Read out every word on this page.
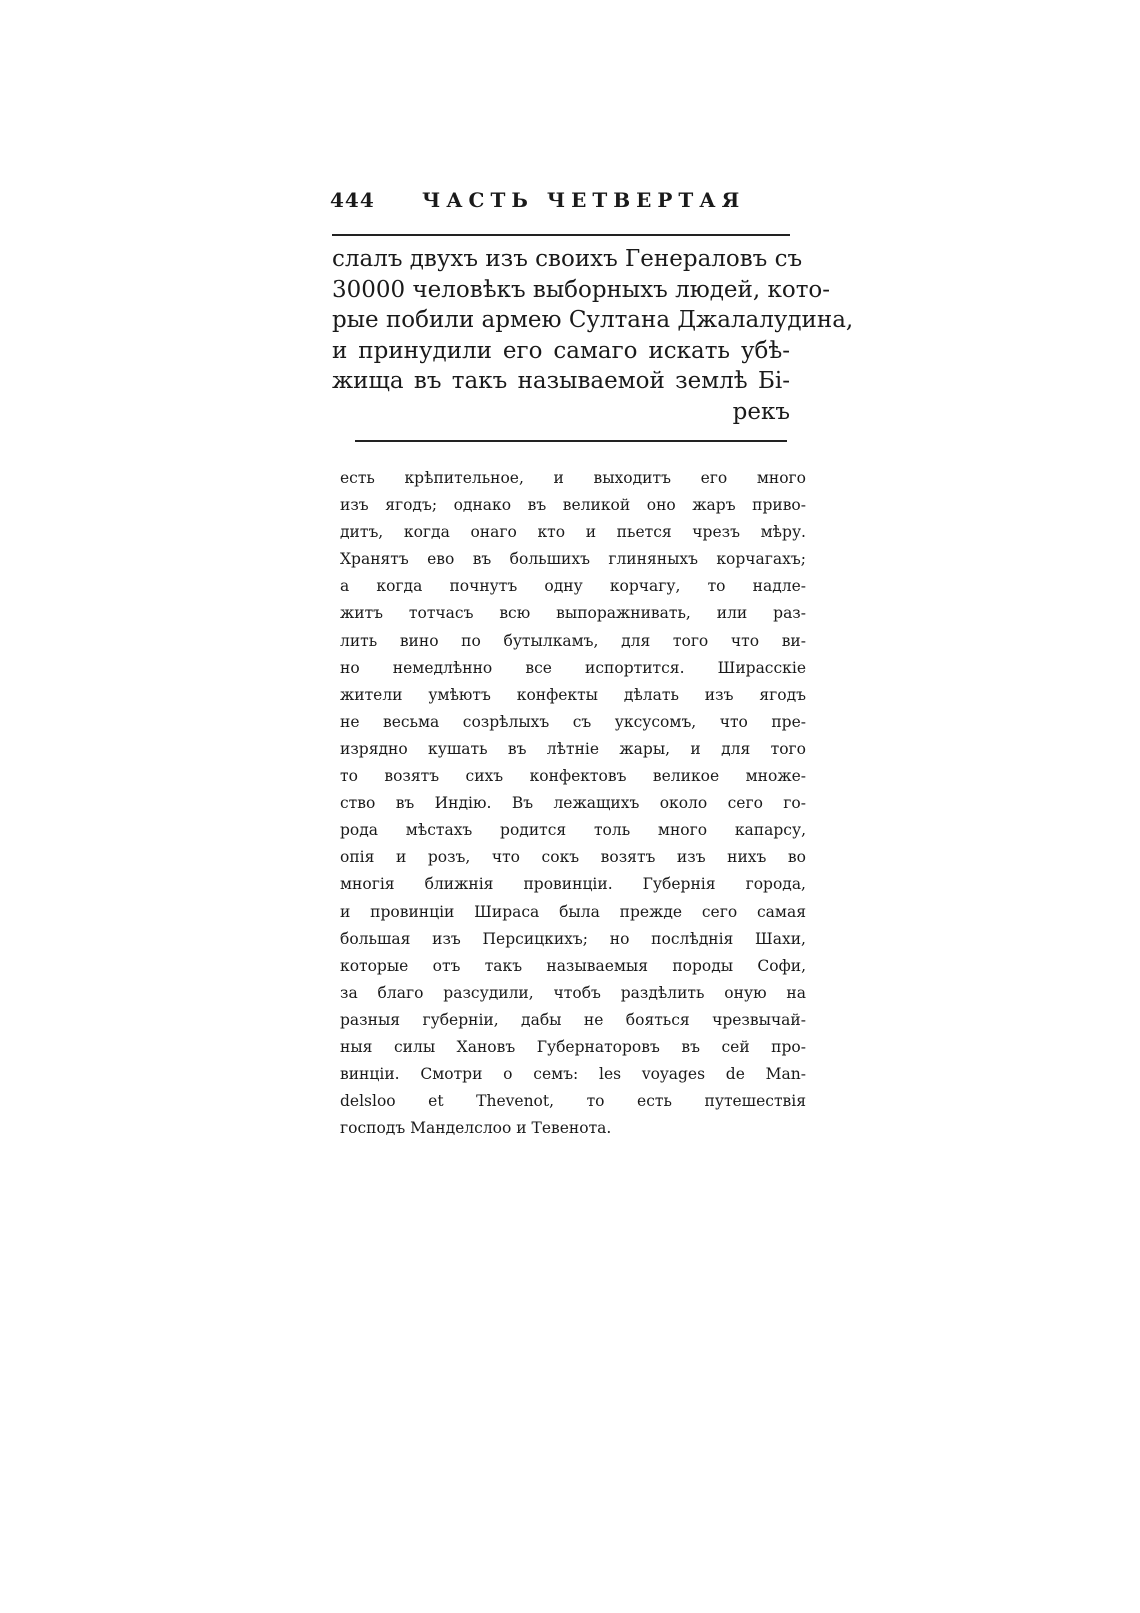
444 ЧАСТЬ ЧЕТВЕРТАЯ
слалъ двухъ изъ своихъ Генераловъ съ
30000 человѣкъ выборныхъ людей, кото-
рые побили армею Султана Джалалудина,
и принудили его самаго искать убѣ-
жища въ такъ называемой землѣ Бі-
рекъ
есть крѣпительное, и выходитъ его много
изъ ягодъ; однако въ великой оно жаръ приво-
дитъ, когда онаго кто и пьется чрезъ мѣру.
Хранятъ ево въ большихъ глиняныхъ корчагахъ;
а когда почнутъ одну корчагу, то надле-
житъ тотчасъ всю выпоражнивать, или раз-
лить вино по бутылкамъ, для того что ви-
но немедлѣнно все испортится. Ширасскіе
жители умѣютъ конфекты дѣлать изъ ягодъ
не весьма созрѣлыхъ съ уксусомъ, что пре-
изрядно кушать въ лѣтніе жары, и для того
то возятъ сихъ конфектовъ великое множе-
ство въ Индію. Въ лежащихъ около сего го-
рода мѣстахъ родится толь много капарсу,
опія и розъ, что сокъ возятъ изъ нихъ во
многія ближнія провинціи. Губернія города,
и провинціи Шираса была прежде сего самая
большая изъ Персицкихъ; но послѣднія Шахи,
которые отъ такъ называемыя породы Софи,
за благо разсудили, чтобъ раздѣлить оную на
разныя губерніи, дабы не бояться чрезвычай-
ныя силы Хановъ Губернаторовъ въ сей про-
винціи. Смотри о семъ: les voyages de Man-
delsloo et Thevenot, то есть путешествія
господъ Манделслоо и Тевенота.
